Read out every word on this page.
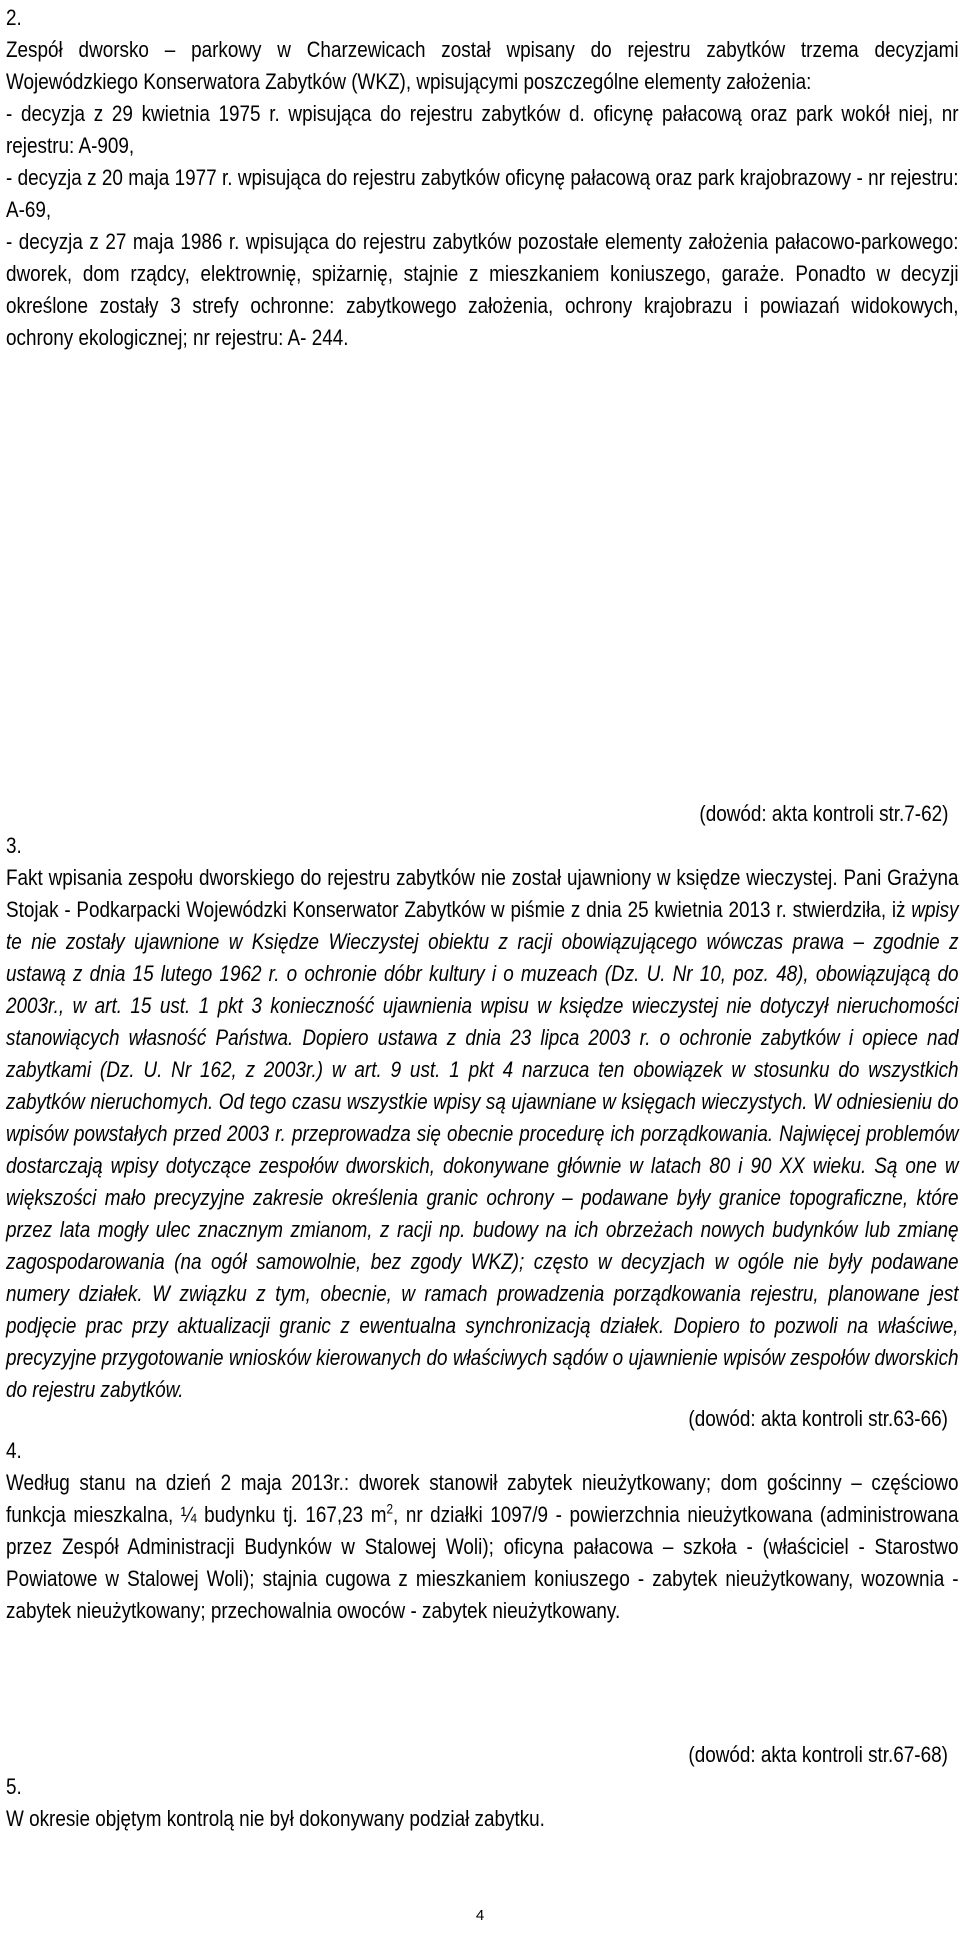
2.

Zespół dworsko – parkowy w Charzewicach został wpisany do rejestru zabytków trzema decyzjami Wojewódzkiego Konserwatora Zabytków (WKZ), wpisującymi poszczególne elementy założenia:

- decyzja z 29 kwietnia 1975 r. wpisująca do rejestru zabytków d. oficynę pałacową oraz park wokół niej, nr rejestru: A-909,

- decyzja z 20 maja 1977 r. wpisująca do rejestru zabytków oficynę pałacową oraz park krajobrazowy - nr rejestru: A-69,

- decyzja z 27 maja 1986 r. wpisująca do rejestru zabytków pozostałe elementy założenia pałacowo-parkowego: dworek, dom rządcy, elektrownię, spiżarnię, stajnie z mieszkaniem koniuszego, garaże. Ponadto w decyzji określone zostały 3 strefy ochronne: zabytkowego założenia, ochrony krajobrazu i powiazań widokowych, ochrony ekologicznej; nr rejestru: A- 244.

(dowód: akta kontroli str.7-62)

3.

Fakt wpisania zespołu dworskiego do rejestru zabytków nie został ujawniony w księdze wieczystej. Pani Grażyna Stojak - Podkarpacki Wojewódzki Konserwator Zabytków w piśmie z dnia 25 kwietnia 2013 r. stwierdziła, iż wpisy te nie zostały ujawnione w Księdze Wieczystej obiektu z racji obowiązującego wówczas prawa – zgodnie z ustawą z dnia 15 lutego 1962 r. o ochronie dóbr kultury i o muzeach (Dz. U. Nr 10, poz. 48), obowiązującą do 2003r., w art. 15 ust. 1 pkt 3 konieczność ujawnienia wpisu w księdze wieczystej nie dotyczył nieruchomości stanowiących własność Państwa. Dopiero ustawa z dnia 23 lipca 2003 r. o ochronie zabytków i opiece nad zabytkami (Dz. U. Nr 162, z 2003r.) w art. 9 ust. 1 pkt 4 narzuca ten obowiązek w stosunku do wszystkich zabytków nieruchomych. Od tego czasu wszystkie wpisy są ujawniane w księgach wieczystych. W odniesieniu do wpisów powstałych przed 2003 r. przeprowadza się obecnie procedurę ich porządkowania. Najwięcej problemów dostarczają wpisy dotyczące zespołów dworskich, dokonywane głównie w latach 80 i 90 XX wieku. Są one w większości mało precyzyjne zakresie określenia granic ochrony – podawane były granice topograficzne, które przez lata mogły ulec znacznym zmianom, z racji np. budowy na ich obrzeżach nowych budynków lub zmianę zagospodarowania (na ogół samowolnie, bez zgody WKZ); często w decyzjach w ogóle nie były podawane numery działek. W związku z tym, obecnie, w ramach prowadzenia porządkowania rejestru, planowane jest podjęcie prac przy aktualizacji granic z ewentualna synchronizacją działek. Dopiero to pozwoli na właściwe, precyzyjne przygotowanie wniosków kierowanych do właściwych sądów o ujawnienie wpisów zespołów dworskich do rejestru zabytków.

(dowód: akta kontroli str.63-66)

4.

Według stanu na dzień 2 maja 2013r.: dworek stanowił zabytek nieużytkowany; dom gościnny – częściowo funkcja mieszkalna, ¼ budynku tj. 167,23 $m^2$, nr działki 1097/9 - powierzchnia nieużytkowana (administrowana przez Zespół Administracji Budynków w Stalowej Woli); oficyna pałacowa – szkoła - (właściciel - Starostwo Powiatowe w Stalowej Woli); stajnia cugowa z mieszkaniem koniuszego - zabytek nieużytkowany, wozownia - zabytek nieużytkowany; przechowalnia owoców - zabytek nieużytkowany.

(dowód: akta kontroli str.67-68)

5.

W okresie objętym kontrolą nie był dokonywany podział zabytku.

4
